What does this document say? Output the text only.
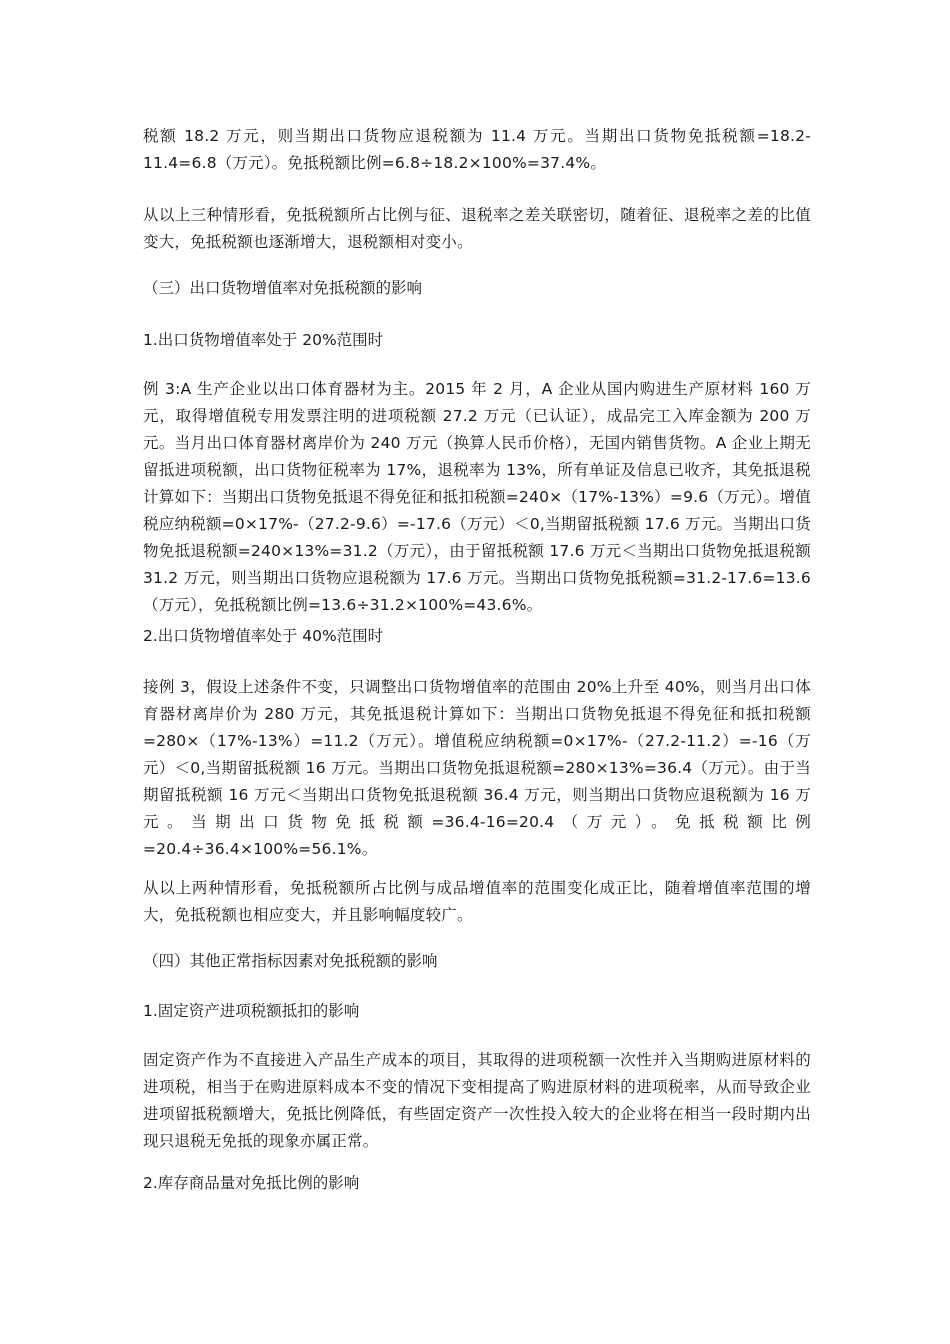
税额 18.2 万元，则当期出口货物应退税额为 11.4 万元。当期出口货物免抵税额=18.2-11.4=6.8（万元）。免抵税额比例=6.8÷18.2×100%=37.4%。

从以上三种情形看，免抵税额所占比例与征、退税率之差关联密切，随着征、退税率之差的比值变大，免抵税额也逐渐增大，退税额相对变小。

（三）出口货物增值率对免抵税额的影响

1.出口货物增值率处于 20%范围时

例 3:A 生产企业以出口体育器材为主。2015 年 2 月，A 企业从国内购进生产原材料 160 万元，取得增值税专用发票注明的进项税额 27.2 万元（已认证），成品完工入库金额为 200 万元。当月出口体育器材离岸价为 240 万元（换算人民币价格），无国内销售货物。A 企业上期无留抵进项税额，出口货物征税率为 17%，退税率为 13%，所有单证及信息已收齐，其免抵退税计算如下：当期出口货物免抵退不得免征和抵扣税额=240×（17%-13%）=9.6（万元）。增值税应纳税额=0×17%-（27.2-9.6）=-17.6（万元）＜0,当期留抵税额 17.6 万元。当期出口货物免抵退税额=240×13%=31.2（万元），由于留抵税额 17.6 万元＜当期出口货物免抵退税额 31.2 万元，则当期出口货物应退税额为 17.6 万元。当期出口货物免抵税额=31.2-17.6=13.6（万元），免抵税额比例=13.6÷31.2×100%=43.6%。

2.出口货物增值率处于 40%范围时

接例 3，假设上述条件不变，只调整出口货物增值率的范围由 20%上升至 40%，则当月出口体育器材离岸价为 280 万元，其免抵退税计算如下：当期出口货物免抵退不得免征和抵扣税额=280×（17%-13%）=11.2（万元）。增值税应纳税额=0×17%-（27.2-11.2）=-16（万元）＜0,当期留抵税额 16 万元。当期出口货物免抵退税额=280×13%=36.4（万元）。由于当期留抵税额 16 万元＜当期出口货物免抵退税额 36.4 万元，则当期出口货物应退税额为 16 万元。当期出口货物免抵税额=36.4-16=20.4（万元）。免抵税额比例=20.4÷36.4×100%=56.1%。

从以上两种情形看，免抵税额所占比例与成品增值率的范围变化成正比，随着增值率范围的增大，免抵税额也相应变大，并且影响幅度较广。

（四）其他正常指标因素对免抵税额的影响

1.固定资产进项税额抵扣的影响

固定资产作为不直接进入产品生产成本的项目，其取得的进项税额一次性并入当期购进原材料的进项税，相当于在购进原料成本不变的情况下变相提高了购进原材料的进项税率，从而导致企业进项留抵税额增大，免抵比例降低，有些固定资产一次性投入较大的企业将在相当一段时期内出现只退税无免抵的现象亦属正常。

2.库存商品量对免抵比例的影响
